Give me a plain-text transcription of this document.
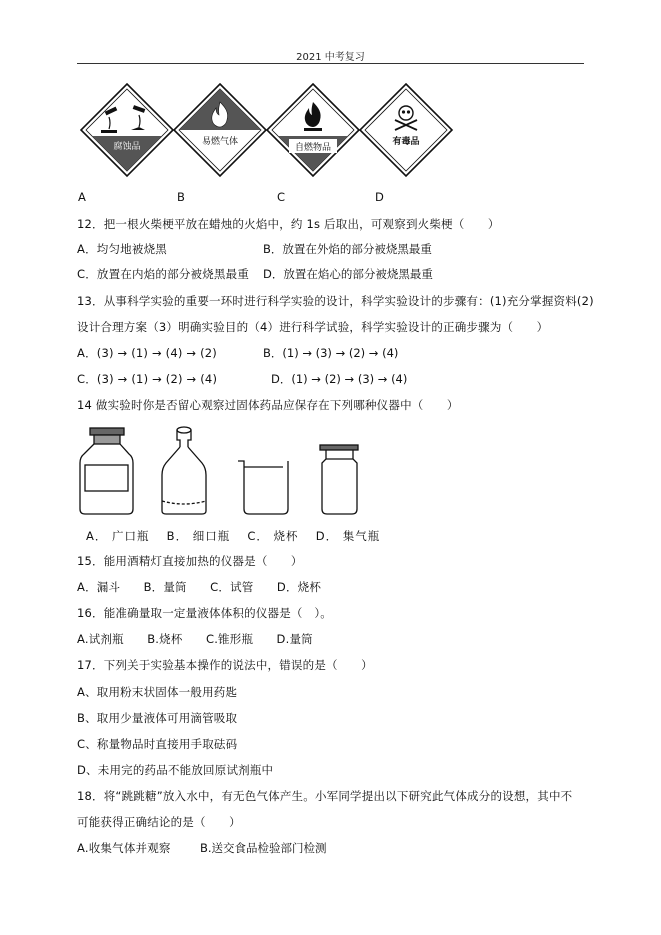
2021 中考复习
腐蚀品	易燃气体
自燃物品
有毒品
A	B	C	D
12．把一根火柴梗平放在蜡烛的火焰中，约 1s 后取出，可观察到火柴梗（　　）
A．均匀地被烧黑	B．放置在外焰的部分被烧黑最重
C．放置在内焰的部分被烧黑最重 D．放置在焰心的部分被烧黑最重
13．从事科学实验的重要一环时进行科学实验的设计，科学实验设计的步骤有：(1)充分掌握资料(2)
设计合理方案（3）明确实验目的（4）进行科学试验，科学实验设计的正确步骤为（　　）
A．(3) → (1) → (4) → (2)	B．(1) → (3) → (2) → (4)
C．(3) → (1) → (2) → (4)	D．(1) → (2) → (3) → (4)
14 做实验时你是否留心观察过固体药品应保存在下列哪种仪器中（　　）
A． 广口瓶　 B． 细口瓶　 C． 烧杯　 D． 集气瓶
15．能用酒精灯直接加热的仪器是（　　）
A．漏斗　　B．量筒　　C．试管　　D．烧杯
16．能准确量取一定量液体体积的仪器是（　）。
A.试剂瓶　　B.烧杯　　C.锥形瓶　　D.量筒
17．下列关于实验基本操作的说法中，错误的是（　　）
A、取用粉末状固体一般用药匙
B、取用少量液体可用滴管吸取
C、称量物品时直接用手取砝码
D、未用完的药品不能放回原试剂瓶中
18．将“跳跳糖”放入水中，有无色气体产生。小军同学提出以下研究此气体成分的设想，其中不
可能获得正确结论的是（　　）
A.收集气体并观察	B.送交食品检验部门检测
